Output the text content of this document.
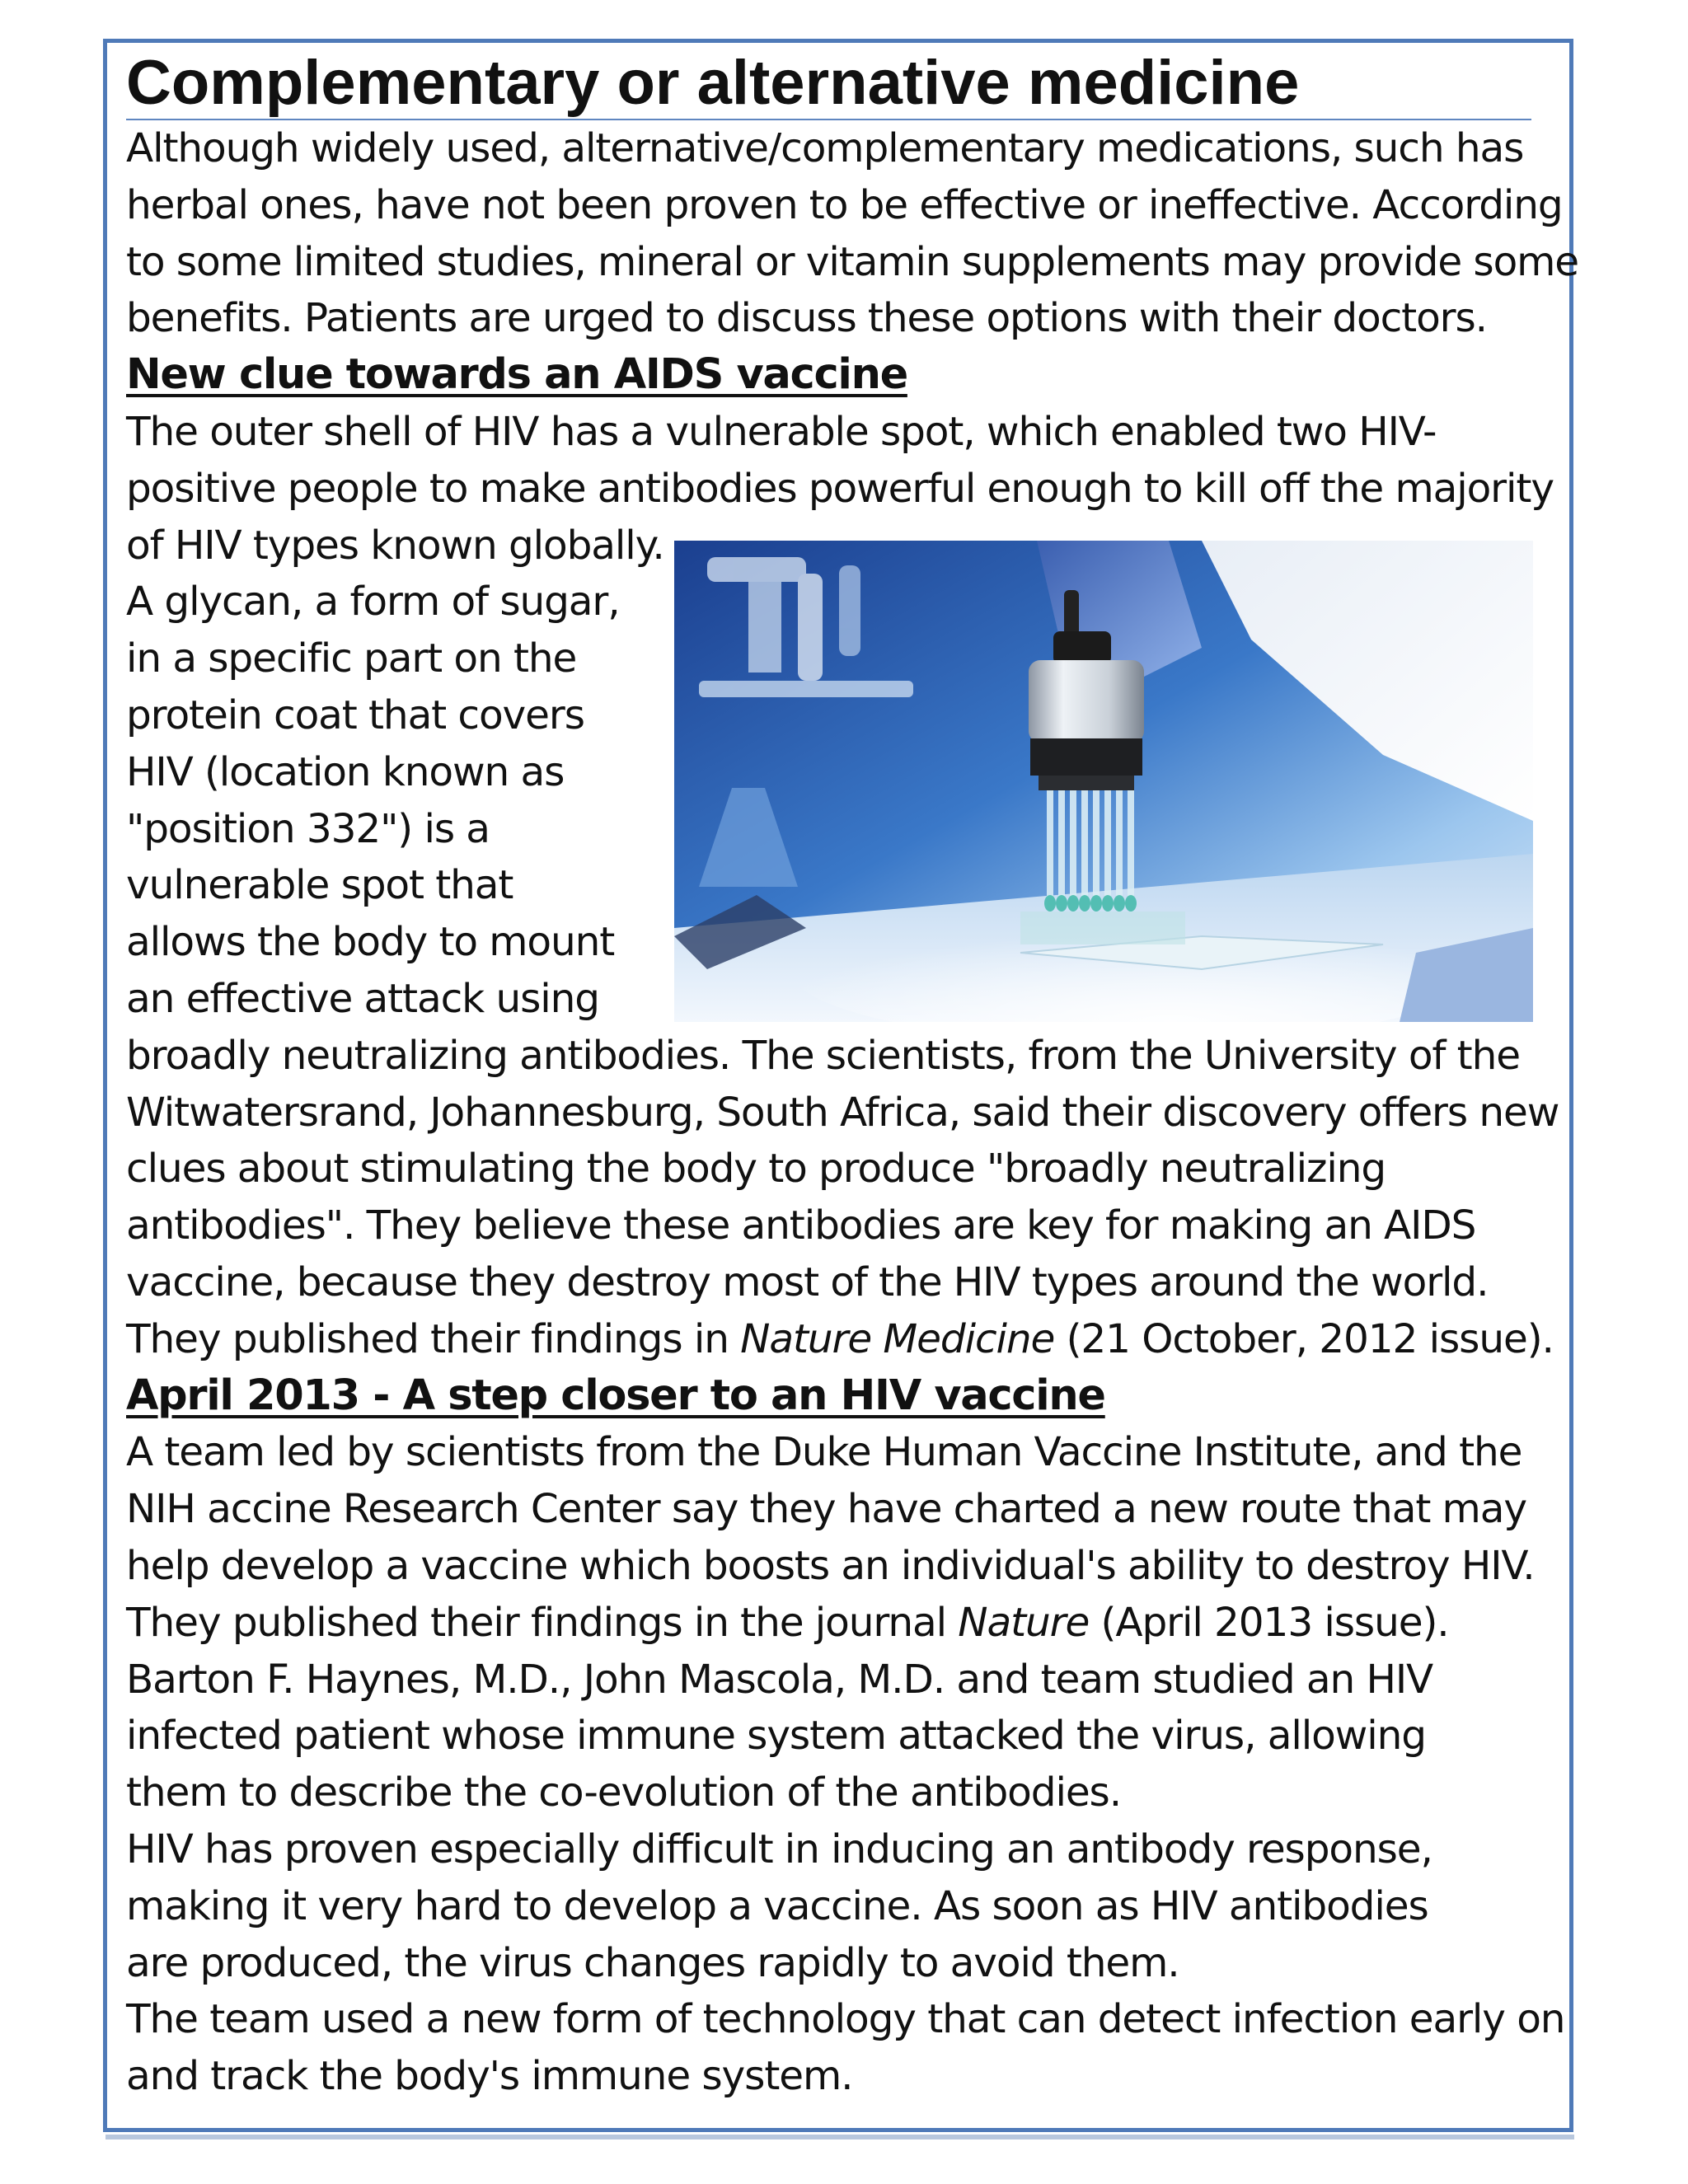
Complementary or alternative medicine
Although widely used, alternative/complementary medications, such has
herbal ones, have not been proven to be effective or ineffective. According
to some limited studies, mineral or vitamin supplements may provide some
benefits. Patients are urged to discuss these options with their doctors.
New clue towards an AIDS vaccine
The outer shell of HIV has a vulnerable spot, which enabled two HIV-
positive people to make antibodies powerful enough to kill off the majority
of HIV types known globally.
A glycan, a form of sugar,
in a specific part on the
protein coat that covers
HIV (location known as
"position 332") is a
vulnerable spot that
allows the body to mount
an effective attack using
broadly neutralizing antibodies. The scientists, from the University of the
Witwatersrand, Johannesburg, South Africa, said their discovery offers new
clues about stimulating the body to produce "broadly neutralizing
antibodies". They believe these antibodies are key for making an AIDS
vaccine, because they destroy most of the HIV types around the world.
They published their findings in Nature Medicine (21 October, 2012 issue).
April 2013 - A step closer to an HIV vaccine
A team led by scientists from the Duke Human Vaccine Institute, and the
NIH accine Research Center say they have charted a new route that may
help develop a vaccine which boosts an individual's ability to destroy HIV.
They published their findings in the journal Nature (April 2013 issue).
Barton F. Haynes, M.D., John Mascola, M.D. and team studied an HIV
infected patient whose immune system attacked the virus, allowing
them to describe the co-evolution of the antibodies.
HIV has proven especially difficult in inducing an antibody response,
making it very hard to develop a vaccine. As soon as HIV antibodies
are produced, the virus changes rapidly to avoid them.
The team used a new form of technology that can detect infection early on
and track the body's immune system.
